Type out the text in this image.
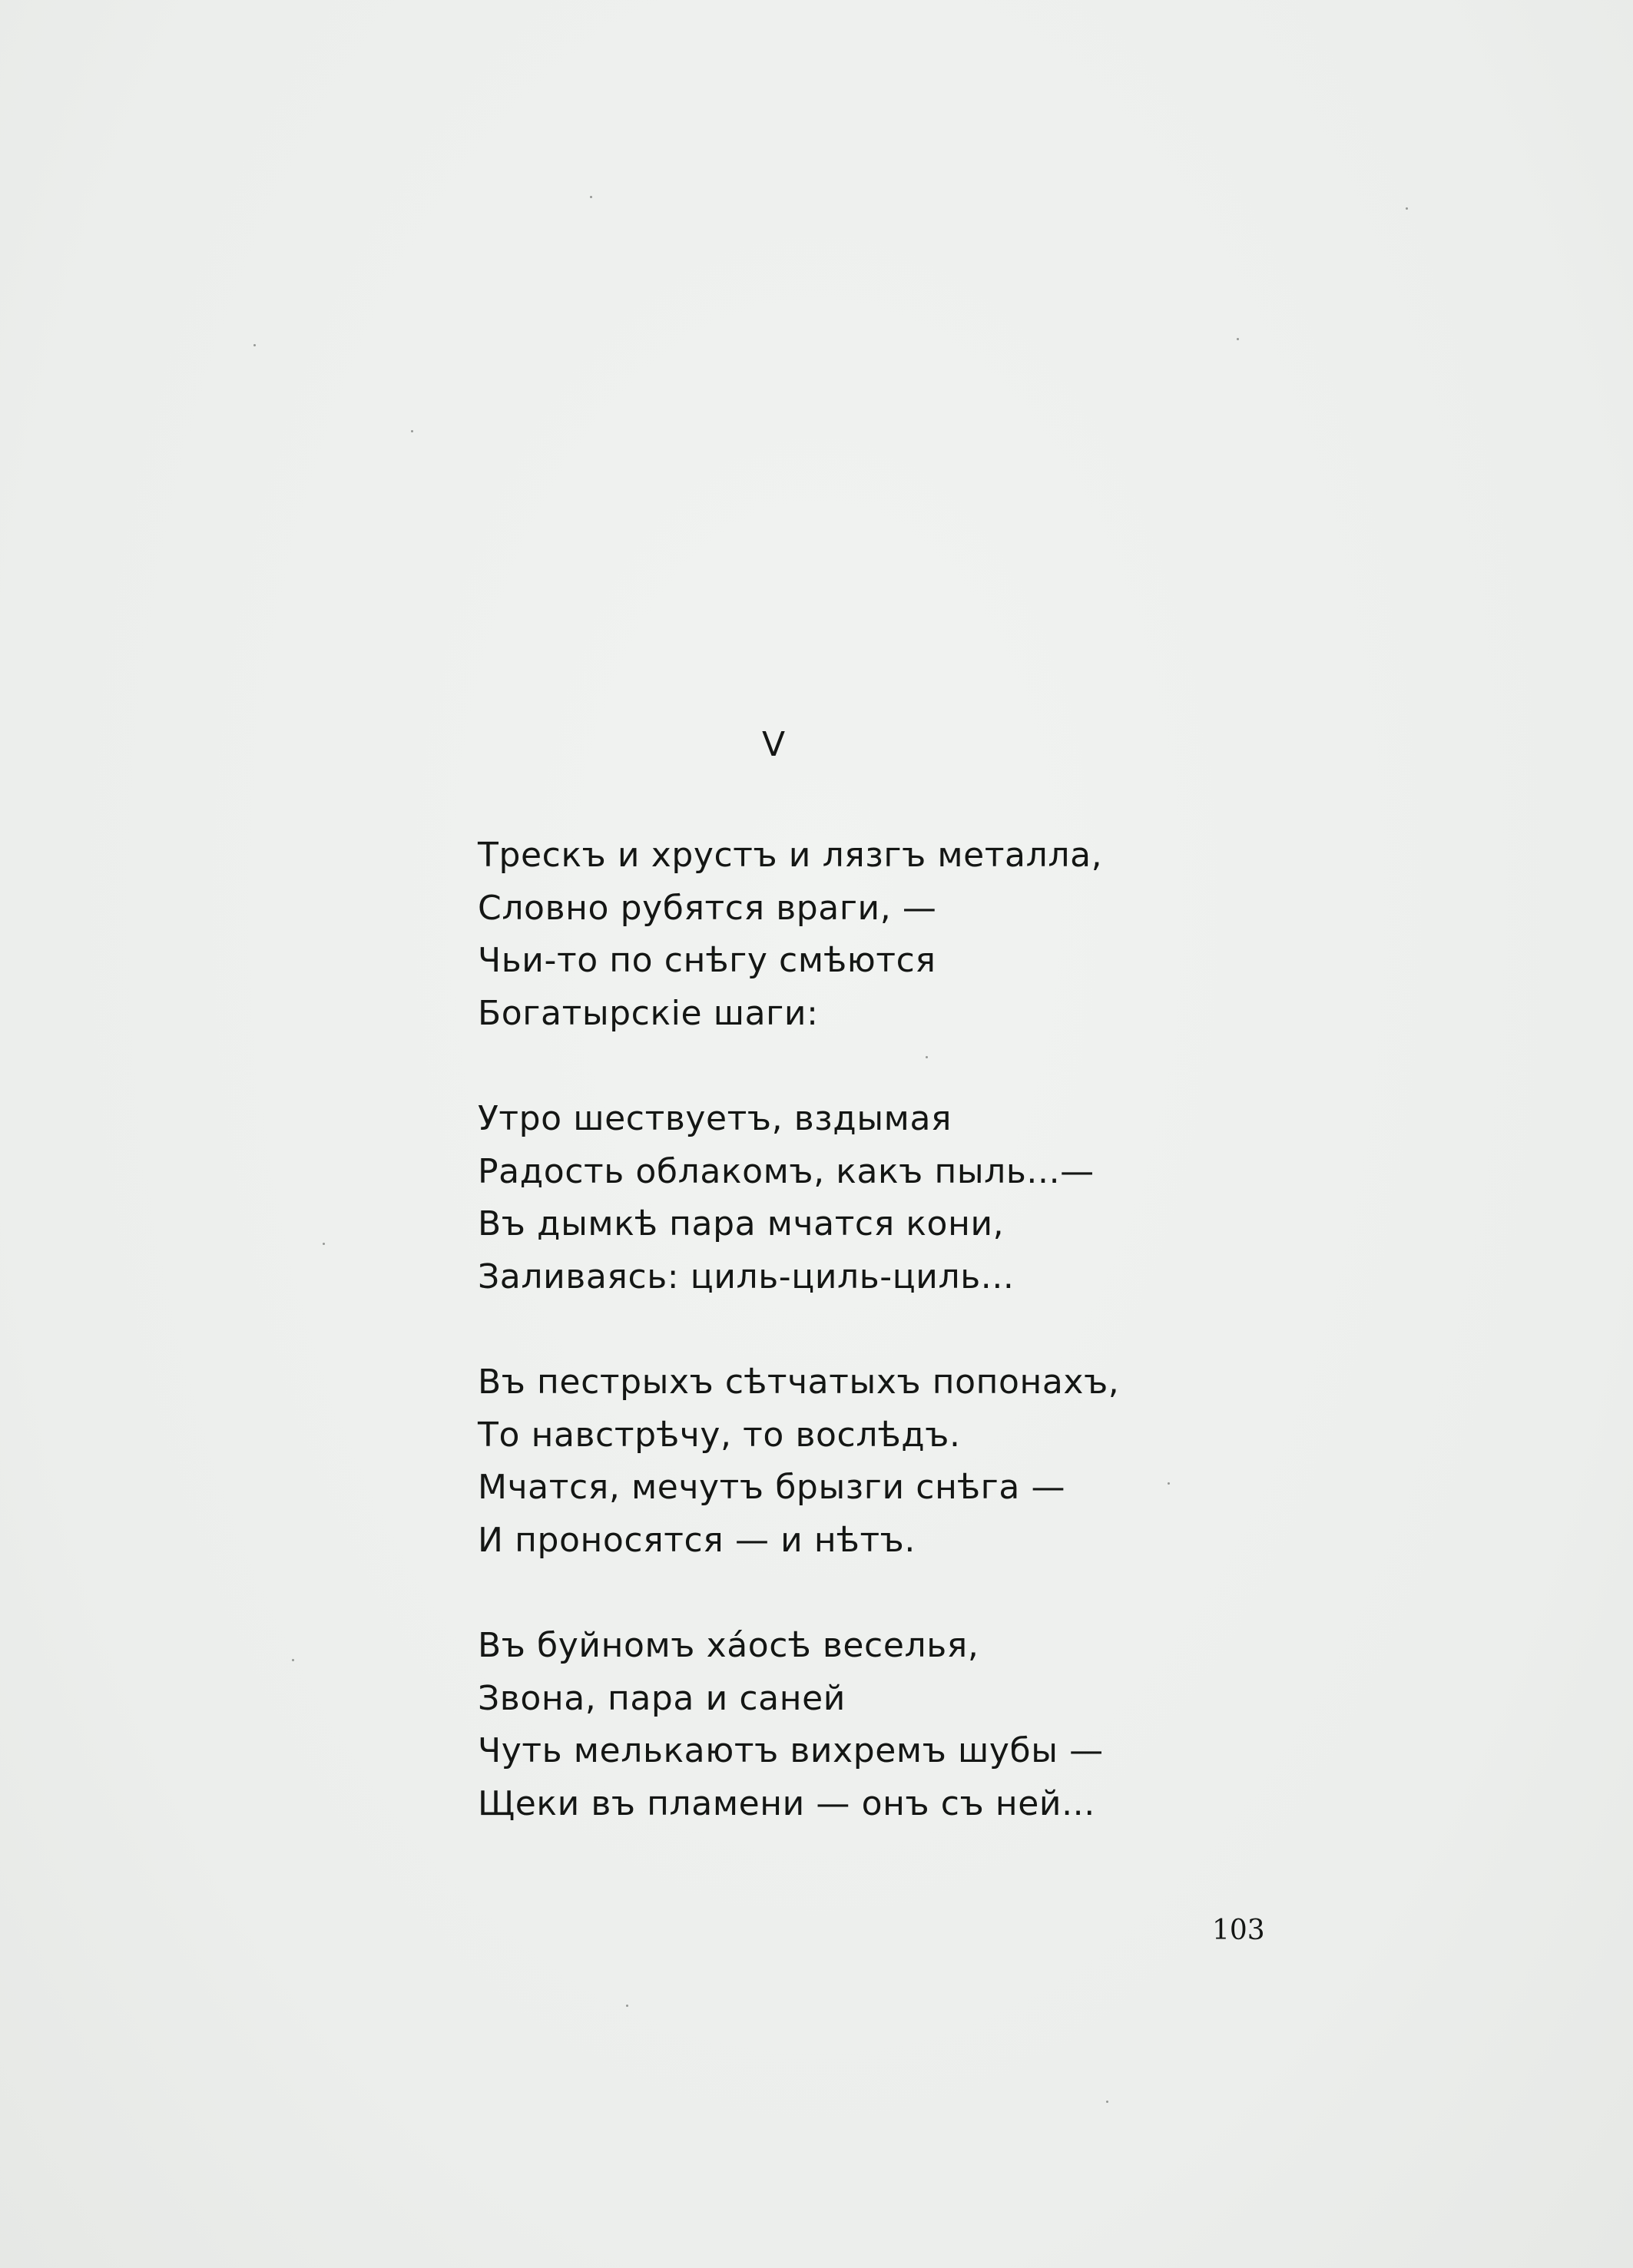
V
Трескъ и хрустъ и лязгъ металла,
Словно рубятся враги, —
Чьи-то по снѣгу смѣются
Богатырскіе шаги:
Утро шествуетъ, вздымая
Радость облакомъ, какъ пыль...—
Въ дымкѣ пара мчатся кони,
Заливаясь: циль-циль-циль...
Въ пестрыхъ сѣтчатыхъ попонахъ,
То навстрѣчу, то вослѣдъ.
Мчатся, мечутъ брызги снѣга —
И проносятся — и нѣтъ.
Въ буйномъ ха́осѣ веселья,
Звона, пара и саней
Чуть мелькаютъ вихремъ шубы —
Щеки въ пламени — онъ съ ней...
103
